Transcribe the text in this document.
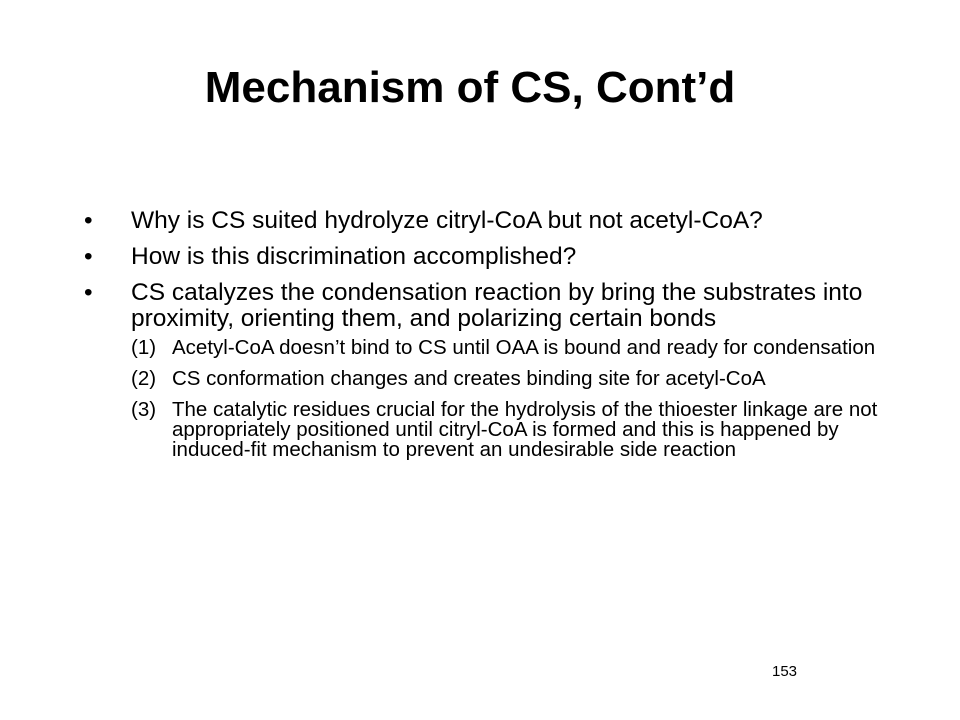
Mechanism of CS, Cont’d
•	Why is CS suited hydrolyze citryl-CoA but not acetyl-CoA?
•	How is this discrimination accomplished?
•	CS catalyzes the condensation reaction by bring the substrates into proximity, orienting them, and polarizing certain bonds
(1) Acetyl-CoA doesn’t bind to CS until OAA is bound and ready for condensation
(2) CS conformation changes and creates binding site for acetyl-CoA
(3) The catalytic residues crucial for the hydrolysis of the thioester linkage are not appropriately positioned until citryl-CoA is formed and this is happened by induced-fit mechanism to prevent an undesirable side reaction
153
